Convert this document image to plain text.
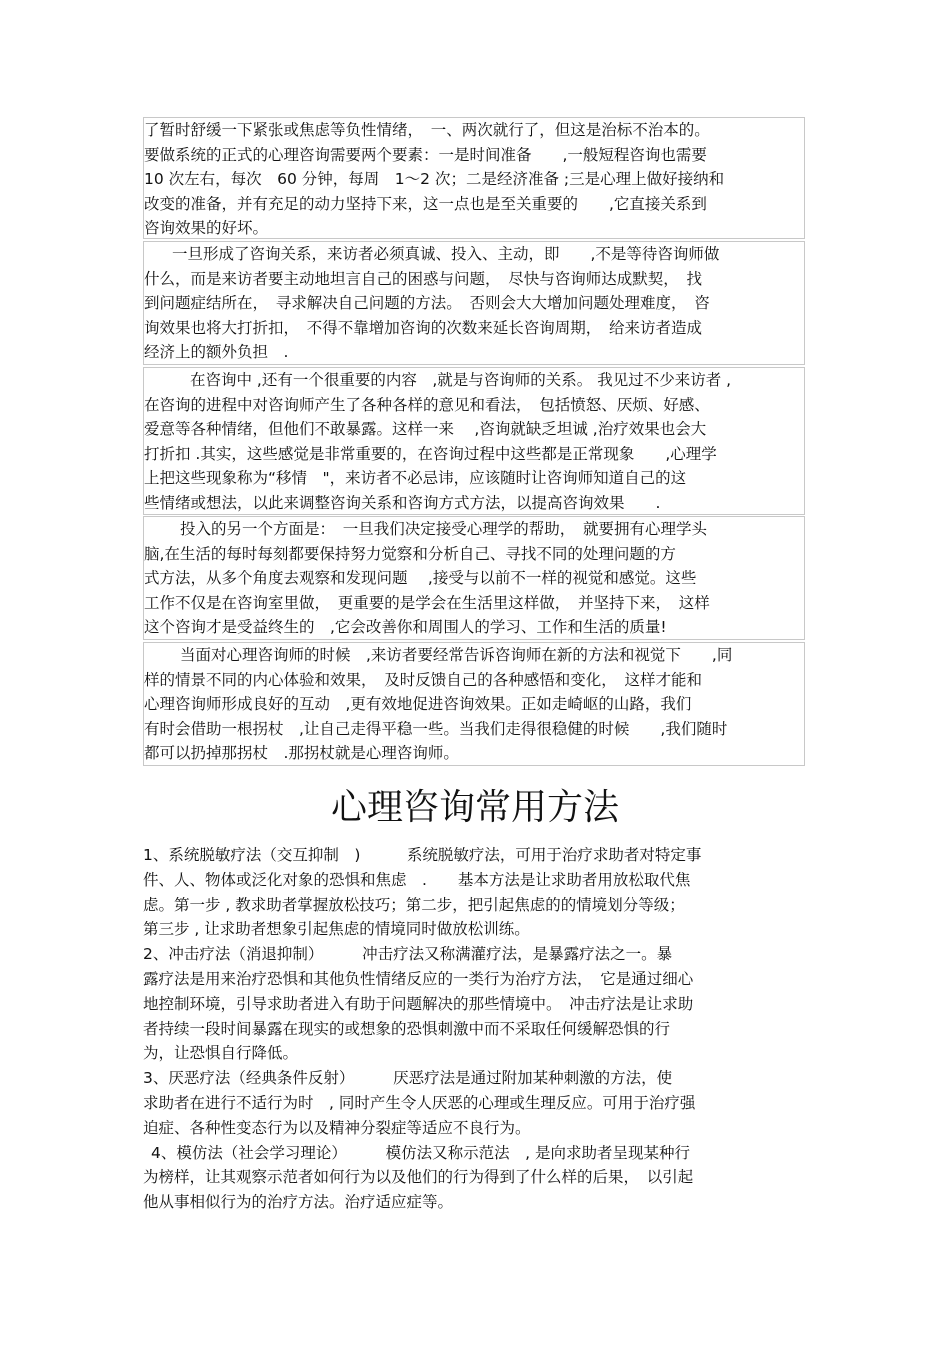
了暂时舒缓一下紧张或焦虑等负性情绪，　一、两次就行了，但这是治标不治本的。
要做系统的正式的心理咨询需要两个要素：一是时间准备　　,一般短程咨询也需要
10 次左右，每次　60 分钟，每周　1～2 次；二是经济准备 ;三是心理上做好接纳和
改变的准备，并有充足的动力坚持下来，这一点也是至关重要的　　,它直接关系到
咨询效果的好坏。
一旦形成了咨询关系，来访者必须真诚、投入、主动，即　　,不是等待咨询师做
什么，而是来访者要主动地坦言自己的困惑与问题，　尽快与咨询师达成默契，　找
到问题症结所在，　寻求解决自己问题的方法。　否则会大大增加问题处理难度，　咨
询效果也将大打折扣，　不得不靠增加咨询的次数来延长咨询周期，　给来访者造成
经济上的额外负担　.
在咨询中 ,还有一个很重要的内容　,就是与咨询师的关系。 我见过不少来访者 ,
在咨询的进程中对咨询师产生了各种各样的意见和看法，　包括愤怒、厌烦、好感、
爱意等各种情绪，但他们不敢暴露。这样一来　 ,咨询就缺乏坦诚 ,治疗效果也会大
打折扣 .其实，这些感觉是非常重要的，在咨询过程中这些都是正常现象　　,心理学
上把这些现象称为“移情　"，来访者不必忌讳，应该随时让咨询师知道自己的这
些情绪或想法，以此来调整咨询关系和咨询方式方法，以提高咨询效果　　.
投入的另一个方面是：　一旦我们决定接受心理学的帮助，　就要拥有心理学头
脑,在生活的每时每刻都要保持努力觉察和分析自己、寻找不同的处理问题的方
式方法，从多个角度去观察和发现问题　 ,接受与以前不一样的视觉和感觉。这些
工作不仅是在咨询室里做，　更重要的是学会在生活里这样做，　并坚持下来，　这样
这个咨询才是受益终生的　,它会改善你和周围人的学习、工作和生活的质量!
当面对心理咨询师的时候　,来访者要经常告诉咨询师在新的方法和视觉下　　,同
样的情景不同的内心体验和效果，　及时反馈自己的各种感悟和变化，　这样才能和
心理咨询师形成良好的互动　,更有效地促进咨询效果。正如走崎岖的山路，我们
有时会借助一根拐杖　,让自己走得平稳一些。当我们走得很稳健的时候　　,我们随时
都可以扔掉那拐杖　.那拐杖就是心理咨询师。
心理咨询常用方法
1、系统脱敏疗法（交互抑制　)　　　系统脱敏疗法，可用于治疗求助者对特定事
件、人、物体或泛化对象的恐惧和焦虑　.　　基本方法是让求助者用放松取代焦
虑。第一步 , 教求助者掌握放松技巧；第二步，把引起焦虑的的情境划分等级；
第三步 , 让求助者想象引起焦虑的情境同时做放松训练。
2、冲击疗法（消退抑制）　　　冲击疗法又称满灌疗法，是暴露疗法之一。暴
露疗法是用来治疗恐惧和其他负性情绪反应的一类行为治疗方法，　它是通过细心
地控制环境，引导求助者进入有助于问题解决的那些情境中。　冲击疗法是让求助
者持续一段时间暴露在现实的或想象的恐惧刺激中而不采取任何缓解恐惧的行
为，让恐惧自行降低。
3、厌恶疗法（经典条件反射）　　　厌恶疗法是通过附加某种刺激的方法，使
求助者在进行不适行为时　, 同时产生令人厌恶的心理或生理反应。可用于治疗强
迫症、各种性变态行为以及精神分裂症等适应不良行为。
4、模仿法（社会学习理论）　　　模仿法又称示范法　, 是向求助者呈现某种行
为榜样，让其观察示范者如何行为以及他们的行为得到了什么样的后果，　以引起
他从事相似行为的治疗方法。治疗适应症等。
